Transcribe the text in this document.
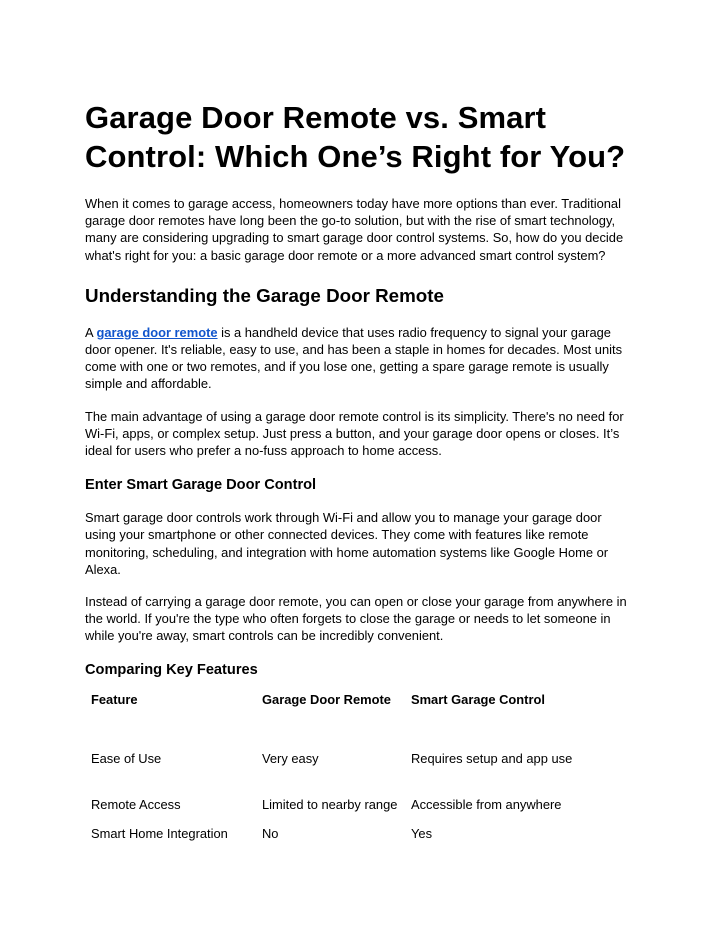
Garage Door Remote vs. Smart Control: Which One’s Right for You?

When it comes to garage access, homeowners today have more options than ever. Traditional garage door remotes have long been the go-to solution, but with the rise of smart technology, many are considering upgrading to smart garage door control systems. So, how do you decide what's right for you: a basic garage door remote or a more advanced smart control system?

Understanding the Garage Door Remote

A garage door remote is a handheld device that uses radio frequency to signal your garage door opener. It's reliable, easy to use, and has been a staple in homes for decades. Most units come with one or two remotes, and if you lose one, getting a spare garage remote is usually simple and affordable.

The main advantage of using a garage door remote control is its simplicity. There's no need for Wi-Fi, apps, or complex setup. Just press a button, and your garage door opens or closes. It’s ideal for users who prefer a no-fuss approach to home access.

Enter Smart Garage Door Control

Smart garage door controls work through Wi-Fi and allow you to manage your garage door using your smartphone or other connected devices. They come with features like remote monitoring, scheduling, and integration with home automation systems like Google Home or Alexa.

Instead of carrying a garage door remote, you can open or close your garage from anywhere in the world. If you're the type who often forgets to close the garage or needs to let someone in while you're away, smart controls can be incredibly convenient.

Comparing Key Features
Feature	Garage Door Remote	Smart Garage Control
Ease of Use	Very easy	Requires setup and app use
Remote Access	Limited to nearby range	Accessible from anywhere
Smart Home Integration	No	Yes
